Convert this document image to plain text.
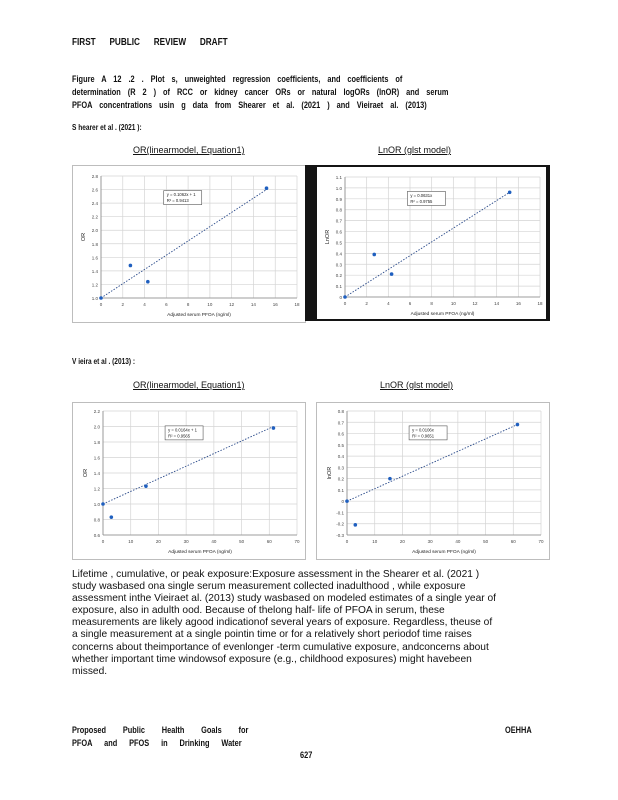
FIRST PUBLIC REVIEW DRAFT
Figure A 12 .2 . Plot s, unweighted regression coefficients, and coefficients of
determination (R 2 ) of RCC or kidney cancer ORs or natural logORs (lnOR) and serum
PFOA concentrations usin g data from Shearer et al. (2021 ) and Vieiraet al. (2013)
S hearer et al . (2021 ):
OR(linearmodel, Equation1)	LnOR (glst model)
1.0
1.2
1.4
1.6
1.8
2.0
2.2
2.4
2.6
2.8
0	2	4	6	8	10	12	14	16	18
Adjusted serum PFOA (ng/ml)
OR
y = 0.1062x + 1
R² = 0.9413
0
0.1
0.2
0.3
0.4
0.5
0.6
0.7
0.8
0.9
1.0
1.1
0	2	4	6	8	10	12	14	16	18
Adjusted serum PFOA (ng/ml)
LnOR
y = 0.0631x
R² = 0.9755
V ieira et al . (2013) :
OR(linearmodel, Equation1)	LnOR (glst model)
0.6
0.8
1.0
1.2
1.4
1.6
1.8
2.0
2.2
0	10	20	30	40	50	60	70
Adjusted serum PFOA (ng/ml)
OR
y = 0.0164x + 1
R² = 0.9565
-0.3
-0.2
-0.1
0
0.1
0.2
0.3
0.4
0.5
0.6
0.7
0.8
0	10	20	30	40	50	60	70
Adjusted serum PFOA (ng/ml)
lnOR
y = 0.0106x
R² = 0.9651
Lifetime , cumulative, or peak exposure:Exposure assessment in the Shearer et al. (2021 )
study wasbased ona single serum measurement collected inadulthood , while exposure
assessment inthe Vieiraet al. (2013) study wasbased on modeled estimates of a single year of
exposure, also in adulth ood. Because of thelong half- life of PFOA in serum, these
measurements are likely agood indicationof several years of exposure. Regardless, theuse of
a single measurement at a single pointin time or for a relatively short periodof time raises
concerns about theimportance of evenlonger -term cumulative exposure, andconcerns about
whether important time windowsof exposure (e.g., childhood exposures) might havebeen
missed.
Proposed Public Health Goals for
PFOA and PFOS in Drinking Water
OEHHA
627
